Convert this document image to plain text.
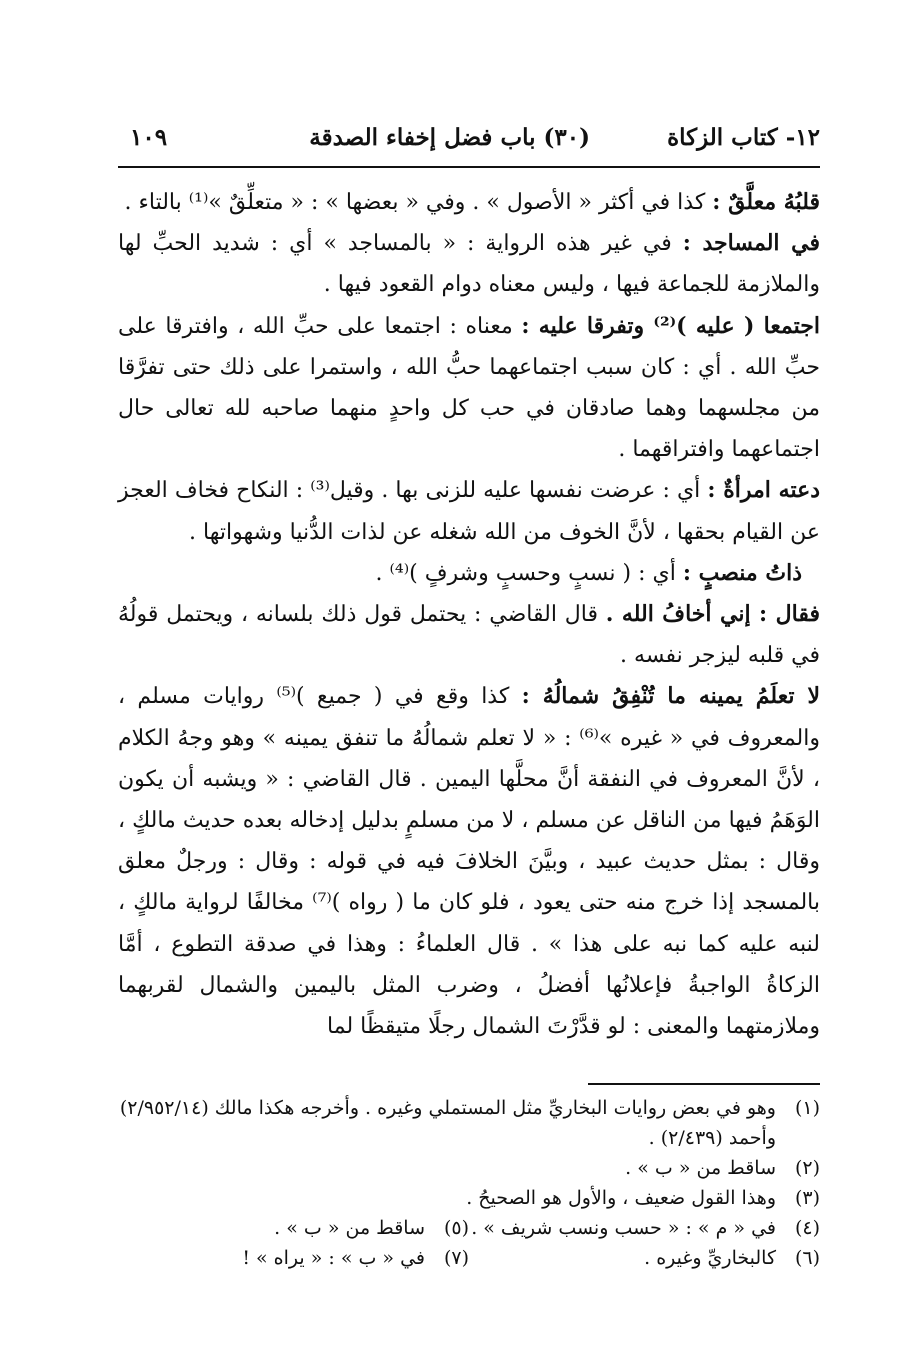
١٢- كتاب الزكاة
(٣٠) باب فضل إخفاء الصدقة
١٠٩

قلبُهُ معلَّقٌ : كذا في أكثر « الأصول » . وفي « بعضها » : « متعلِّقٌ »⁽¹⁾ بالتاء .

في المساجد : في غير هذه الرواية : « بالمساجد » أي : شديد الحبِّ لها والملازمة للجماعة فيها ، وليس معناه دوام القعود فيها .

اجتمعا ( عليه )⁽²⁾ وتفرقا عليه : معناه : اجتمعا على حبِّ الله ، وافترقا على حبِّ الله . أي : كان سبب اجتماعهما حبُّ الله ، واستمرا على ذلك حتى تفرَّقا من مجلسهما وهما صادقان في حب كل واحدٍ منهما صاحبه لله تعالى حال اجتماعهما وافتراقهما .

دعته امرأةٌ : أي : عرضت نفسها عليه للزنى بها . وقيل⁽³⁾ : النكاح فخاف العجز عن القيام بحقها ، لأنَّ الخوف من الله شغله عن لذات الدُّنيا وشهواتها .

ذاتُ منصبٍ : أي : ( نسبٍ وحسبٍ وشرفٍ )⁽⁴⁾ .

فقال : إني أخافُ الله . قال القاضي : يحتمل قول ذلك بلسانه ، ويحتمل قولُهُ في قلبه ليزجر نفسه .

لا تعلَمُ يمينه ما تُنْفِقُ شمالُهُ : كذا وقع في ( جميع )⁽⁵⁾ روايات مسلم ، والمعروف في « غيره »⁽⁶⁾ : « لا تعلم شمالُهُ ما تنفق يمينه » وهو وجهُ الكلام ، لأنَّ المعروف في النفقة أنَّ محلَّها اليمين . قال القاضي : « ويشبه أن يكون الوَهَمُ فيها من الناقل عن مسلم ، لا من مسلمٍ بدليل إدخاله بعده حديث مالكٍ ، وقال : بمثل حديث عبيد ، وبيَّنَ الخلافَ فيه في قوله : وقال : ورجلٌ معلق بالمسجد إذا خرج منه حتى يعود ، فلو كان ما ( رواه )⁽⁷⁾ مخالفًا لرواية مالكٍ ، لنبه عليه كما نبه على هذا » . قال العلماءُ : وهذا في صدقة التطوع ، أمَّا الزكاةُ الواجبةُ فإعلانُها أفضلُ ، وضرب المثل باليمين والشمال لقربهما وملازمتهما والمعنى : لو قدَّرْتَ الشمال رجلًا متيقظًا لما

(١)
وهو في بعض روايات البخاريِّ مثل المستملي وغيره . وأخرجه هكذا مالك (٢/٩٥٢/١٤) وأحمد (٢/٤٣٩) .
(٢)
ساقط من « ب » .
(٣)
وهذا القول ضعيف ، والأول هو الصحيحُ .
(٤)
في « م » : « حسب ونسب شريف » .
(٥)
ساقط من « ب » .
(٦)
كالبخاريِّ وغيره .
(٧)
في « ب » : « يراه » !
